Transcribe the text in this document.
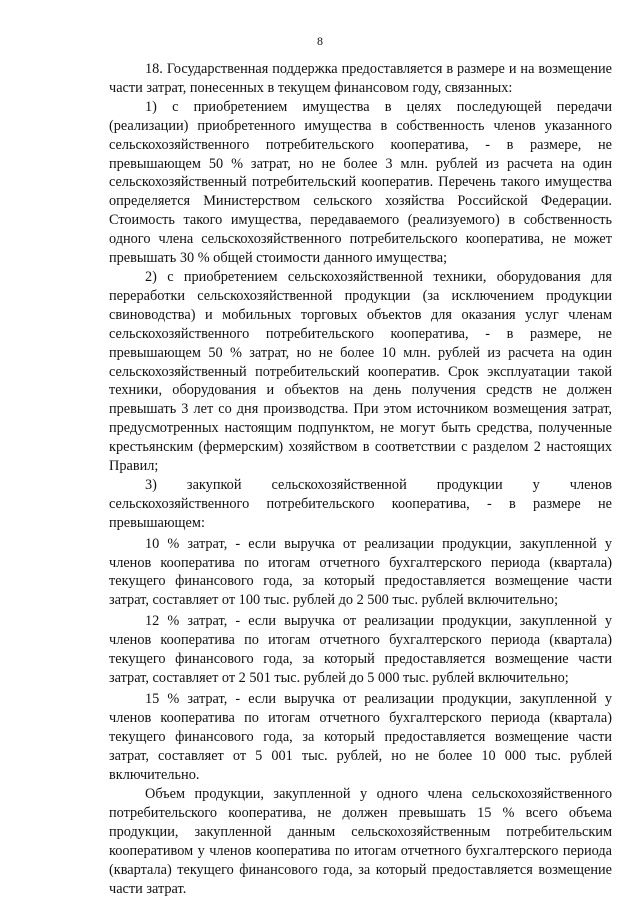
8

18. Государственная поддержка предоставляется в размере и на возмещение части затрат, понесенных в текущем финансовом году, связанных:

1) с приобретением имущества в целях последующей передачи (реализации) приобретенного имущества в собственность членов указанного сельскохозяйственного потребительского кооператива, - в размере, не превышающем 50 % затрат, но не более 3 млн. рублей из расчета на один сельскохозяйственный потребительский кооператив. Перечень такого имущества определяется Министерством сельского хозяйства Российской Федерации. Стоимость такого имущества, передаваемого (реализуемого) в собственность одного члена сельскохозяйственного потребительского кооператива, не может превышать 30 % общей стоимости данного имущества;

2) с приобретением сельскохозяйственной техники, оборудования для переработки сельскохозяйственной продукции (за исключением продукции свиноводства) и мобильных торговых объектов для оказания услуг членам сельскохозяйственного потребительского кооператива, - в размере, не превышающем 50 % затрат, но не более 10 млн. рублей из расчета на один сельскохозяйственный потребительский кооператив. Срок эксплуатации такой техники, оборудования и объектов на день получения средств не должен превышать 3 лет со дня производства. При этом источником возмещения затрат, предусмотренных настоящим подпунктом, не могут быть средства, полученные крестьянским (фермерским) хозяйством в соответствии с разделом 2 настоящих Правил;

3) закупкой сельскохозяйственной продукции у членов сельскохозяйственного потребительского кооператива, - в размере не превышающем:

10 % затрат, - если выручка от реализации продукции, закупленной у членов кооператива по итогам отчетного бухгалтерского периода (квартала) текущего финансового года, за который предоставляется возмещение части затрат, составляет от 100 тыс. рублей до 2 500 тыс. рублей включительно;

12 % затрат, - если выручка от реализации продукции, закупленной у членов кооператива по итогам отчетного бухгалтерского периода (квартала) текущего финансового года, за который предоставляется возмещение части затрат, составляет от 2 501 тыс. рублей до 5 000 тыс. рублей включительно;

15 % затрат, - если выручка от реализации продукции, закупленной у членов кооператива по итогам отчетного бухгалтерского периода (квартала) текущего финансового года, за который предоставляется возмещение части затрат, составляет от 5 001 тыс. рублей, но не более 10 000 тыс. рублей включительно.

Объем продукции, закупленной у одного члена сельскохозяйственного потребительского кооператива, не должен превышать 15 % всего объема продукции, закупленной данным сельскохозяйственным потребительским кооперативом у членов кооператива по итогам отчетного бухгалтерского периода (квартала) текущего финансового года, за который предоставляется возмещение части затрат.
